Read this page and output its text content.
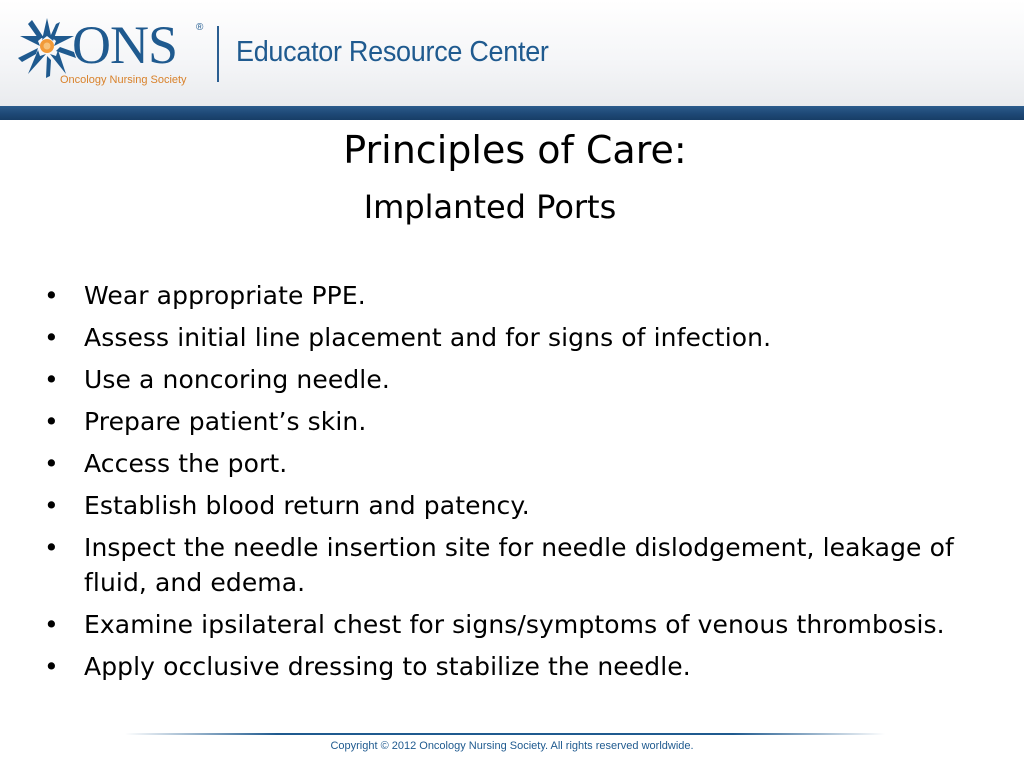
ONS ®
Oncology Nursing Society
Educator Resource Center
Principles of Care:
Implanted Ports
• Wear appropriate PPE.
• Assess initial line placement and for signs of infection.
• Use a noncoring needle.
• Prepare patient’s skin.
• Access the port.
• Establish blood return and patency.
• Inspect the needle insertion site for needle dislodgement, leakage of fluid, and edema.
• Examine ipsilateral chest for signs/symptoms of venous thrombosis.
• Apply occlusive dressing to stabilize the needle.
Copyright © 2012 Oncology Nursing Society. All rights reserved worldwide.
